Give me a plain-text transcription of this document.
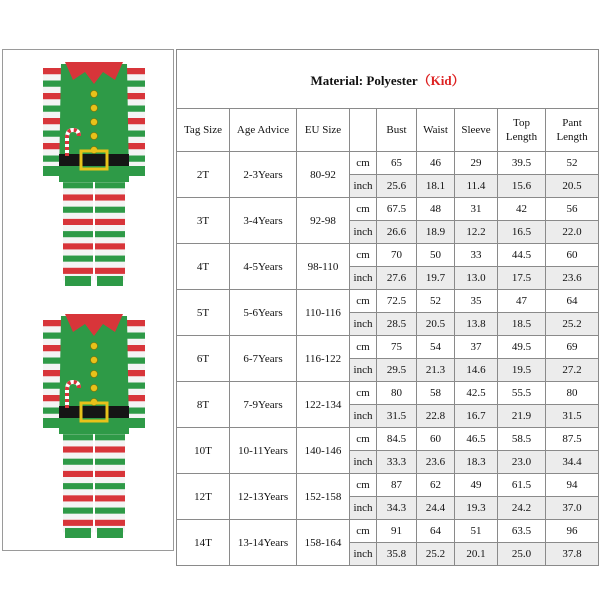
Material: Polyester（Kid）								
Tag Size	Age Advice	EU Size		Bust	Waist	Sleeve	Top Length	Pant Length
2T	2-3Years	80-92	cm	65	46	29	39.5	52
			inch	25.6	18.1	11.4	15.6	20.5
3T	3-4Years	92-98	cm	67.5	48	31	42	56
			inch	26.6	18.9	12.2	16.5	22.0
4T	4-5Years	98-110	cm	70	50	33	44.5	60
			inch	27.6	19.7	13.0	17.5	23.6
5T	5-6Years	110-116	cm	72.5	52	35	47	64
			inch	28.5	20.5	13.8	18.5	25.2
6T	6-7Years	116-122	cm	75	54	37	49.5	69
			inch	29.5	21.3	14.6	19.5	27.2
8T	7-9Years	122-134	cm	80	58	42.5	55.5	80
			inch	31.5	22.8	16.7	21.9	31.5
10T	10-11Years	140-146	cm	84.5	60	46.5	58.5	87.5
			inch	33.3	23.6	18.3	23.0	34.4
12T	12-13Years	152-158	cm	87	62	49	61.5	94
			inch	34.3	24.4	19.3	24.2	37.0
14T	13-14Years	158-164	cm	91	64	51	63.5	96
			inch	35.8	25.2	20.1	25.0	37.8
